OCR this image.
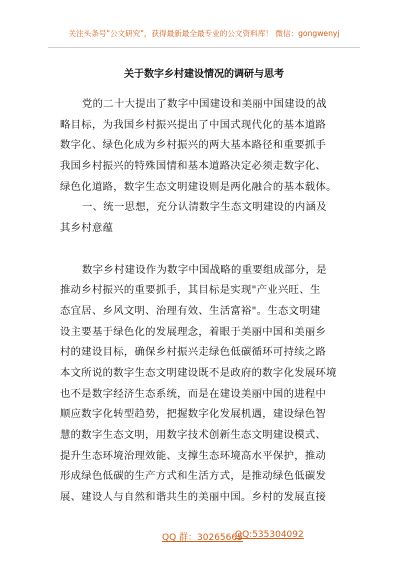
关注头条号"公文研究"，获得最新最全最专业的公文资料库！ 微信：gongwenyj
关于数字乡村建设情况的调研与思考
党的二十大提出了数字中国建设和美丽中国建设的战
略目标，为我国乡村振兴提出了中国式现代化的基本道路
数字化、绿色化成为乡村振兴的两大基本路径和重要抓手
我国乡村振兴的特殊国情和基本道路决定必须走数字化、
绿色化道路，数字生态文明建设则是两化融合的基本载体。
一、统一思想，充分认清数字生态文明建设的内涵及
其乡村意蕴
数字乡村建设作为数字中国战略的重要组成部分，是
推动乡村振兴的重要抓手，其目标是实现"产业兴旺、生
态宜居、乡风文明、治理有效、生活富裕"。生态文明建
设主要基于绿色化的发展理念，着眼于美丽中国和美丽乡
村的建设目标，确保乡村振兴走绿色低碳循环可持续之路
本文所说的数字生态文明建设既不是政府的数字化发展环境
也不是数字经济生态系统，而是在建设美丽中国的进程中
顺应数字化转型趋势，把握数字化发展机遇，建设绿色智
慧的数字生态文明，用数字技术创新生态文明建设模式、
提升生态环境治理效能、支撑生态环境高水平保护，推动
形成绿色低碳的生产方式和生活方式，是推动绿色低碳发
展、建设人与自然和谐共生的美丽中国。乡村的发展直接
QQ 群：30265665
QQ:535304092
